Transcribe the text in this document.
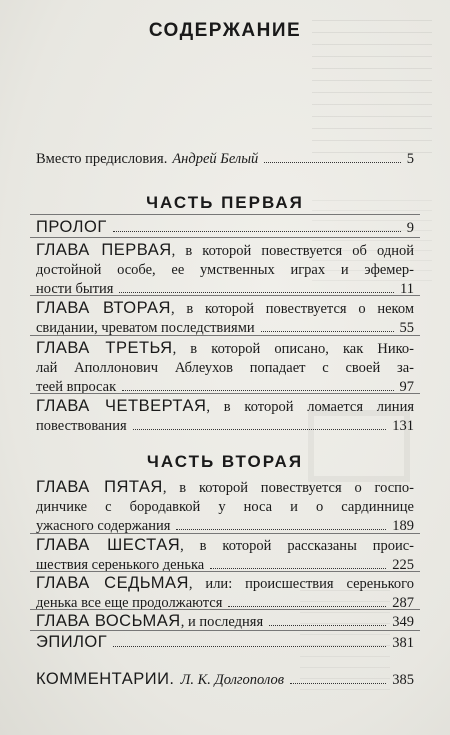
СОДЕРЖАНИЕ
Вместо предисловия. Андрей Белый	5
ЧАСТЬ ПЕРВАЯ
ПРОЛОГ	9
ГЛАВА ПЕРВАЯ, в которой повествуется об одной
достойной особе, ее умственных играх и эфемер-
ности бытия	11
ГЛАВА ВТОРАЯ, в которой повествуется о неком
свидании, чреватом последствиями	55
ГЛАВА ТРЕТЬЯ, в которой описано, как Нико-
лай Аполлонович Аблеухов попадает с своей за-
теей впросак	97
ГЛАВА ЧЕТВЕРТАЯ, в которой ломается линия
повествования	131
ЧАСТЬ ВТОРАЯ
ГЛАВА ПЯТАЯ, в которой повествуется о госпо-
динчике с бородавкой у носа и о сардиннице
ужасного содержания	189
ГЛАВА ШЕСТАЯ, в которой рассказаны проис-
шествия серенького денька	225
ГЛАВА СЕДЬМАЯ, или: происшествия серенького
денька все еще продолжаются	287
ГЛАВА ВОСЬМАЯ , и последняя	349
ЭПИЛОГ	381
КОММЕНТАРИИ. Л. К. Долгополов	385
